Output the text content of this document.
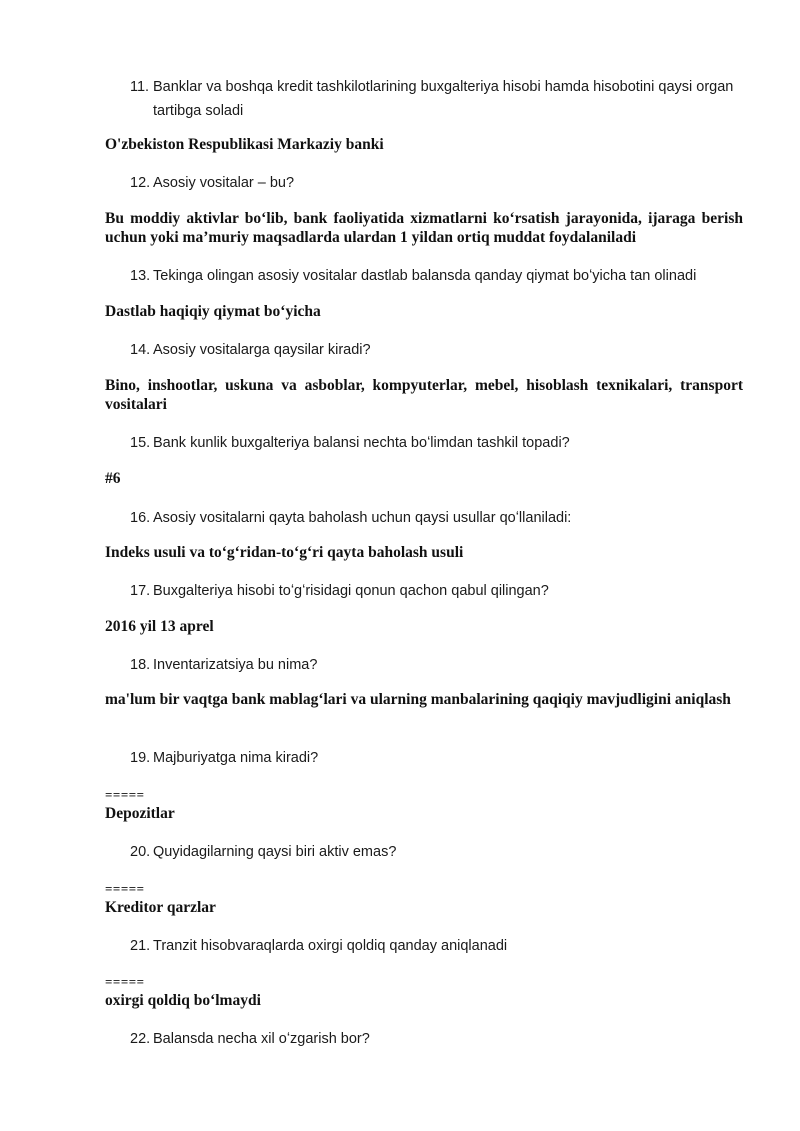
11. Banklar va boshqa kredit tashkilotlarining buxgalteriya hisobi hamda hisobotini qaysi organ tartibga soladi
O'zbekiston Respublikasi Markaziy banki
12. Asosiy vositalar – bu?
Bu moddiy aktivlar bo‘lib, bank faoliyatida xizmatlarni ko‘rsatish jarayonida, ijaraga berish uchun yoki ma’muriy maqsadlarda ulardan 1 yildan ortiq muddat foydalaniladi
13. Tekinga olingan asosiy vositalar dastlab balansda qanday qiymat boʻyicha tan olinadi
Dastlab haqiqiy qiymat bo‘yicha
14. Asosiy vositalarga qaysilar kiradi?
Bino, inshootlar, uskuna va asboblar, kompyuterlar, mebel, hisoblash texnikalari, transport vositalari
15. Bank kunlik buxgalteriya balansi nechta boʻlimdan tashkil topadi?
#6
16. Asosiy vositalarni qayta baholash uchun qaysi usullar qoʻllaniladi:
Indeks usuli va to‘g‘ridan-to‘g‘ri qayta baholash usuli
17. Buxgalteriya hisobi toʻgʻrisidagi qonun qachon qabul qilingan?
2016 yil 13 aprel
18. Inventarizatsiya bu nima?
ma'lum bir vaqtga bank mablag‘lari va ularning manbalarining qaqiqiy mavjudligini aniqlash
19. Majburiyatga nima kiradi?
=====
Depozitlar
20. Quyidagilarning qaysi biri aktiv emas?
=====
Kreditor qarzlar
21. Tranzit hisobvaraqlarda oxirgi qoldiq qanday aniqlanadi
=====
oxirgi qoldiq bo‘lmaydi
22. Balansda necha xil oʻzgarish bor?
